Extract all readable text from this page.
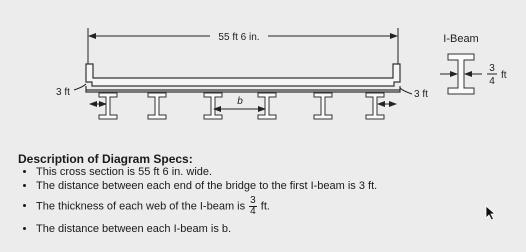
55 ft 6 in.
3 ft	3 ft
b
I-Beam
3
4
ft
Description of Diagram Specs:
• This cross section is 55 ft 6 in. wide.
• The distance between each end of the bridge to the first I-beam is 3 ft.
• The thickness of each web of the I-beam is $\frac{3}{4}$ ft.
• The distance between each I-beam is b.
